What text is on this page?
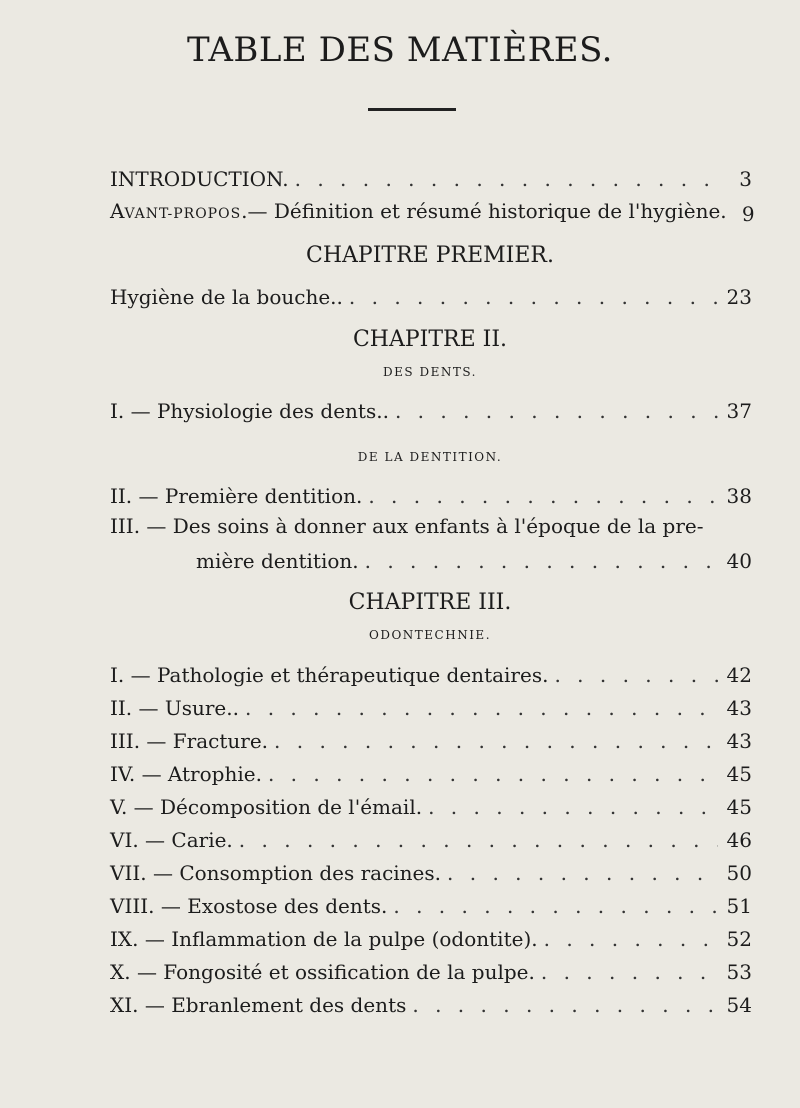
TABLE DES MATIÈRES.
INTRODUCTION. . . .	3
AVANT-PROPOS.— Définition et résumé historique de l'hygiène. 9
CHAPITRE PREMIER.
Hygiène de la bouche.. . . .	23
CHAPITRE II.
DES DENTS.
I. — Physiologie des dents.. . . .	37
DE LA DENTITION.
II. — Première dentition. . . .	38
III. — Des soins à donner aux enfants à l'époque de la pre-
mière dentition. . . .	40
CHAPITRE III.
ODONTECHNIE.
I. — Pathologie et thérapeutique dentaires. . . .	42
II. — Usure.. . . .	43
III. — Fracture. . . .	43
IV. — Atrophie. . . .	45
V. — Décomposition de l'émail. . . .	45
VI. — Carie. . . .	46
VII. — Consomption des racines. . . .	50
VIII. — Exostose des dents. . . .	51
IX. — Inflammation de la pulpe (odontite). . . .	52
X. — Fongosité et ossification de la pulpe. . . .	53
XI. — Ebranlement des dents . . .	54
